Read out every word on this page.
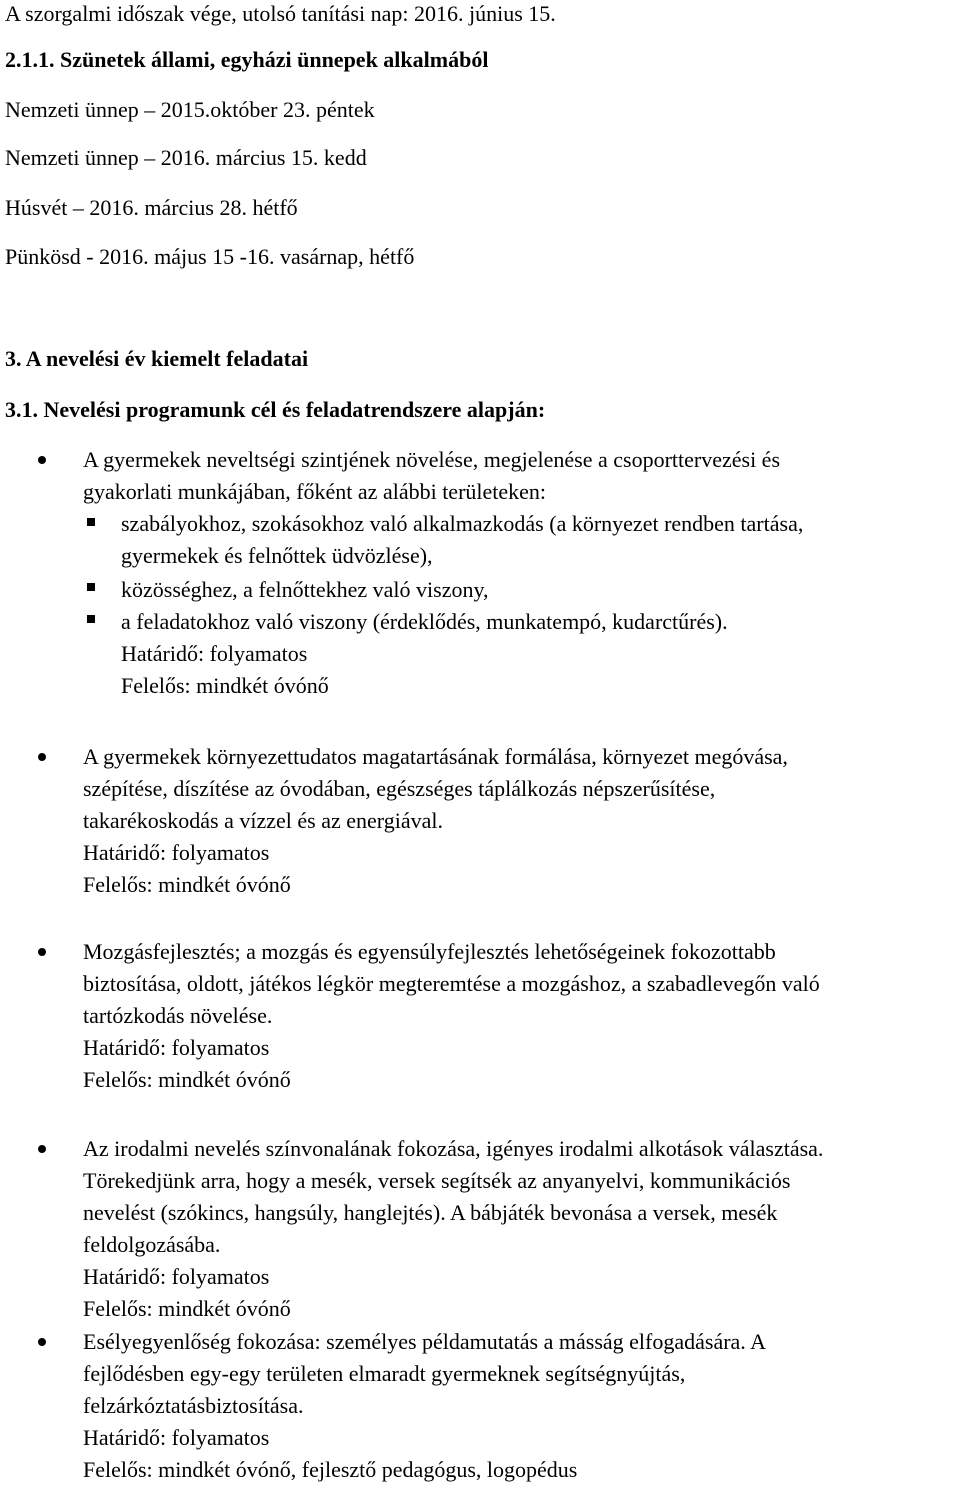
A szorgalmi időszak vége, utolsó tanítási nap: 2016. június 15.
2.1.1. Szünetek állami, egyházi ünnepek alkalmából
Nemzeti ünnep – 2015.október 23. péntek
Nemzeti ünnep – 2016. március 15. kedd
Húsvét – 2016. március 28. hétfő
Pünkösd - 2016. május 15 -16. vasárnap, hétfő
3. A nevelési év kiemelt feladatai
3.1. Nevelési programunk cél és feladatrendszere alapján:
A gyermekek neveltségi szintjének növelése, megjelenése a csoporttervezési és
gyakorlati munkájában, főként az alábbi területeken:
szabályokhoz, szokásokhoz való alkalmazkodás (a környezet rendben tartása,
gyermekek és felnőttek üdvözlése),
közösséghez, a felnőttekhez való viszony,
a feladatokhoz való viszony (érdeklődés, munkatempó, kudarctűrés).
Határidő: folyamatos
Felelős: mindkét óvónő
A gyermekek környezettudatos magatartásának formálása, környezet megóvása,
szépítése, díszítése az óvodában, egészséges táplálkozás népszerűsítése,
takarékoskodás a vízzel és az energiával.
Határidő: folyamatos
Felelős: mindkét óvónő
Mozgásfejlesztés; a mozgás és egyensúlyfejlesztés lehetőségeinek fokozottabb
biztosítása, oldott, játékos légkör megteremtése a mozgáshoz, a szabadlevegőn való
tartózkodás növelése.
Határidő: folyamatos
Felelős: mindkét óvónő
Az irodalmi nevelés színvonalának fokozása, igényes irodalmi alkotások választása.
Törekedjünk arra, hogy a mesék, versek segítsék az anyanyelvi, kommunikációs
nevelést (szókincs, hangsúly, hanglejtés). A bábjáték bevonása a versek, mesék
feldolgozásába.
Határidő: folyamatos
Felelős: mindkét óvónő
Esélyegyenlőség fokozása: személyes példamutatás a másság elfogadására. A
fejlődésben egy-egy területen elmaradt gyermeknek segítségnyújtás,
felzárkóztatásbiztosítása.
Határidő: folyamatos
Felelős: mindkét óvónő, fejlesztő pedagógus, logopédus
